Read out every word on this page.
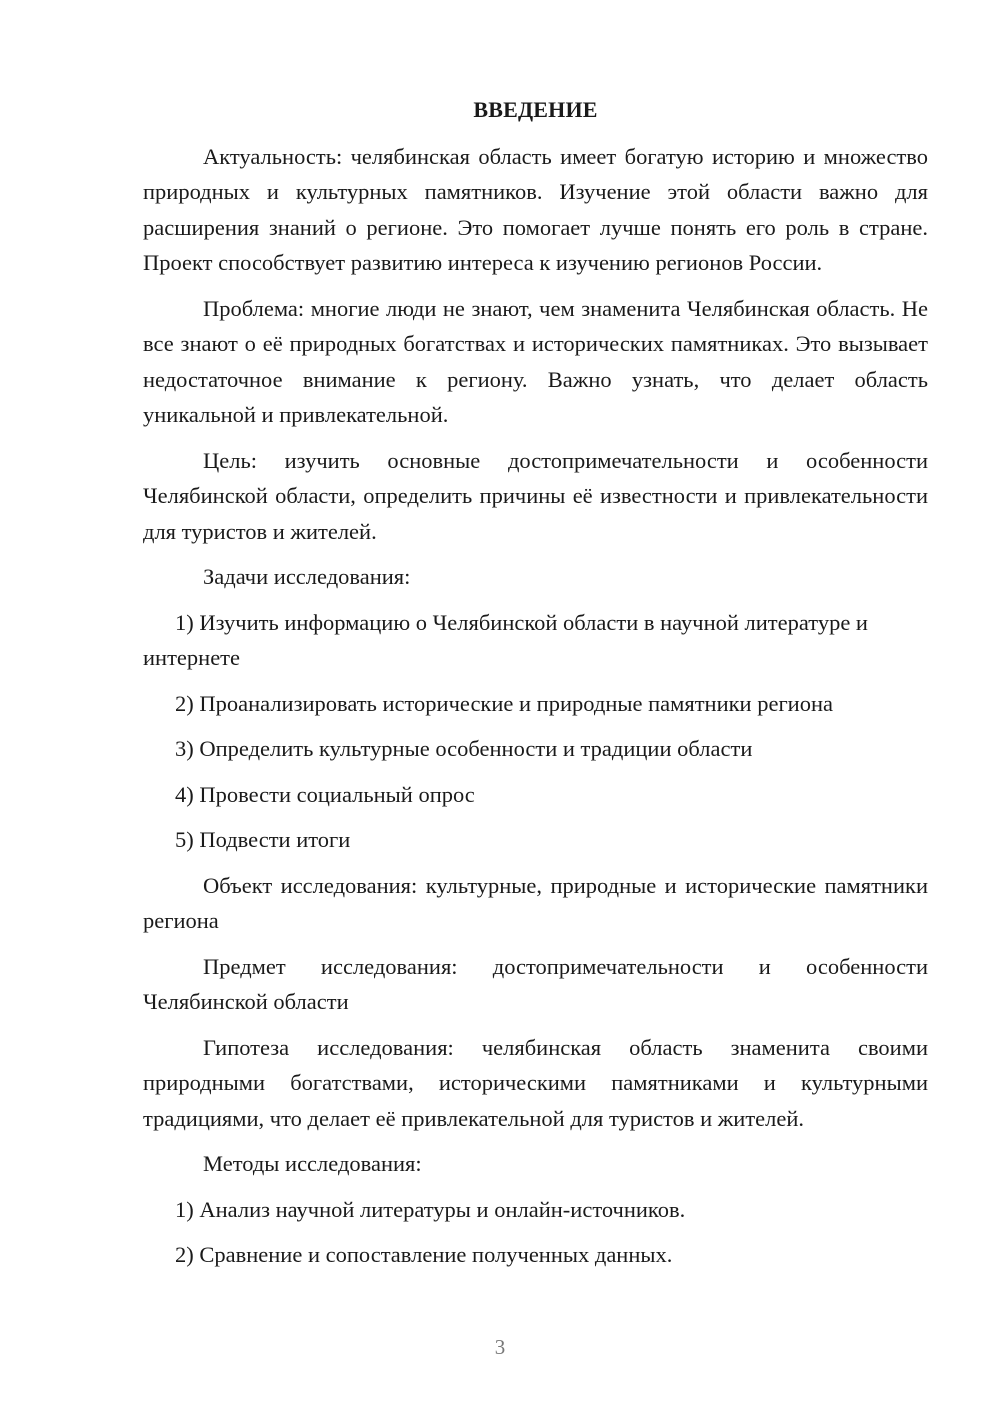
ВВЕДЕНИЕ

Актуальность: челябинская область имеет богатую историю и множество природных и культурных памятников. Изучение этой области важно для расширения знаний о регионе. Это помогает лучше понять его роль в стране. Проект способствует развитию интереса к изучению регионов России.

Проблема: многие люди не знают, чем знаменита Челябинская область. Не все знают о её природных богатствах и исторических памятниках. Это вызывает недостаточное внимание к региону. Важно узнать, что делает область уникальной и привлекательной.

Цель: изучить основные достопримечательности и особенности Челябинской области, определить причины её известности и привлекательности для туристов и жителей.

Задачи исследования:

1) Изучить информацию о Челябинской области в научной литературе и интернете

2) Проанализировать исторические и природные памятники региона

3) Определить культурные особенности и традиции области

4) Провести социальный опрос

5) Подвести итоги

Объект исследования: культурные, природные и исторические памятники региона

Предмет исследования: достопримечательности и особенности Челябинской области

Гипотеза исследования: челябинская область знаменита своими природными богатствами, историческими памятниками и культурными традициями, что делает её привлекательной для туристов и жителей.

Методы исследования:

1) Анализ научной литературы и онлайн-источников.

2) Сравнение и сопоставление полученных данных.

3
